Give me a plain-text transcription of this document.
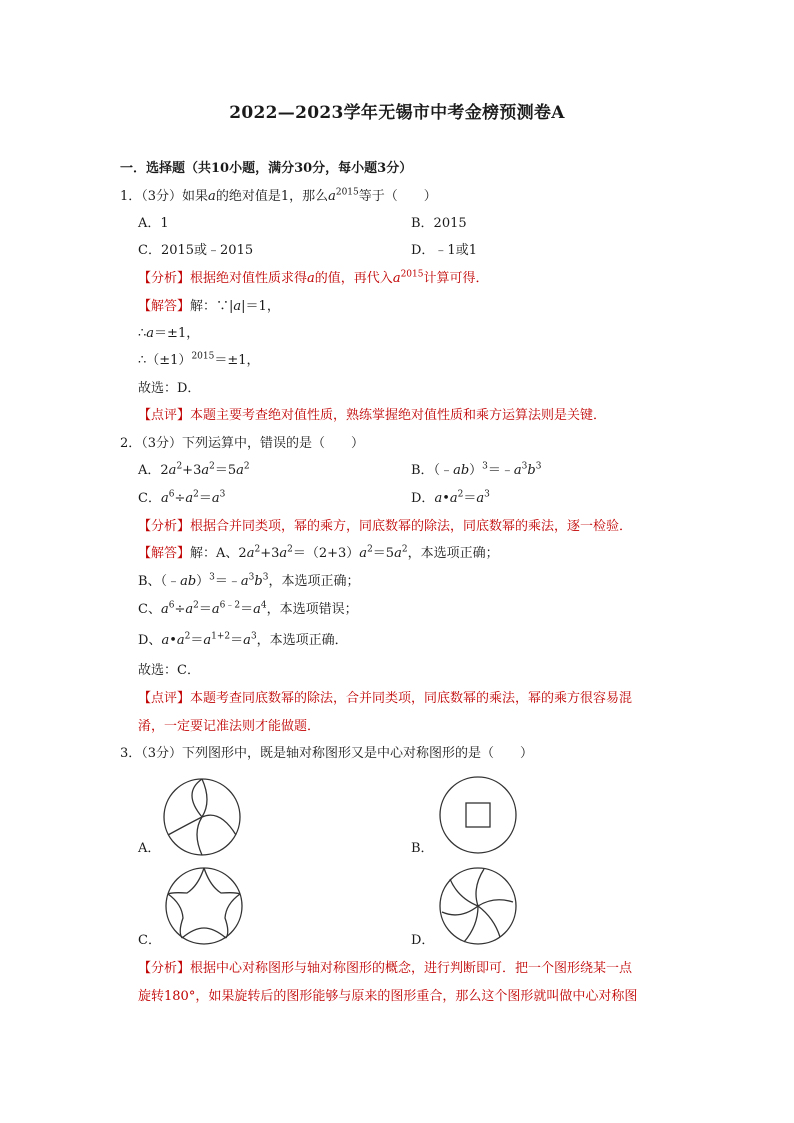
2022—2023学年无锡市中考金榜预测卷A
一．选择题（共10小题，满分30分，每小题3分）
1．（3分）如果a的绝对值是1，那么$a^{2015}$等于（　　）
A．1	B．2015
C．2015或﹣2015	D．﹣1或1
【分析】根据绝对值性质求得a的值，再代入$a^{2015}$计算可得．
【解答】解：∵|a|＝1，
∴a＝±1，
$\therefore(\pm 1)^{2015}=\pm 1$，
故选：D．
【点评】本题主要考查绝对值性质，熟练掌握绝对值性质和乘方运算法则是关键．
2．（3分）下列运算中，错误的是（　　）
A．$2a^2+3a^2=5a^2$	B．$(﹣ab)^3=﹣a^3b^3$
C．$a^6\div a^2=a^3$	D．$a•a^2=a^3$
【分析】根据合并同类项，幂的乘方，同底数幂的除法，同底数幂的乘法，逐一检验．
【解答】解：A、$2a^2+3a^2=(2+3)a^2=5a^2$，本选项正确；
B、$(﹣ab)^3=﹣a^3b^3$，本选项正确；
C、$a^6\div a^2=a^{6﹣2}=a^4$，本选项错误；
D、$a•a^2=a^{1+2}=a^3$，本选项正确．
故选：C．
【点评】本题考查同底数幂的除法，合并同类项，同底数幂的乘法，幂的乘方很容易混
淆，一定要记准法则才能做题．
3．（3分）下列图形中，既是轴对称图形又是中心对称图形的是（　　）
A．	B．
C．	D．
【分析】根据中心对称图形与轴对称图形的概念，进行判断即可．把一个图形绕某一点
旋转180°，如果旋转后的图形能够与原来的图形重合，那么这个图形就叫做中心对称图
